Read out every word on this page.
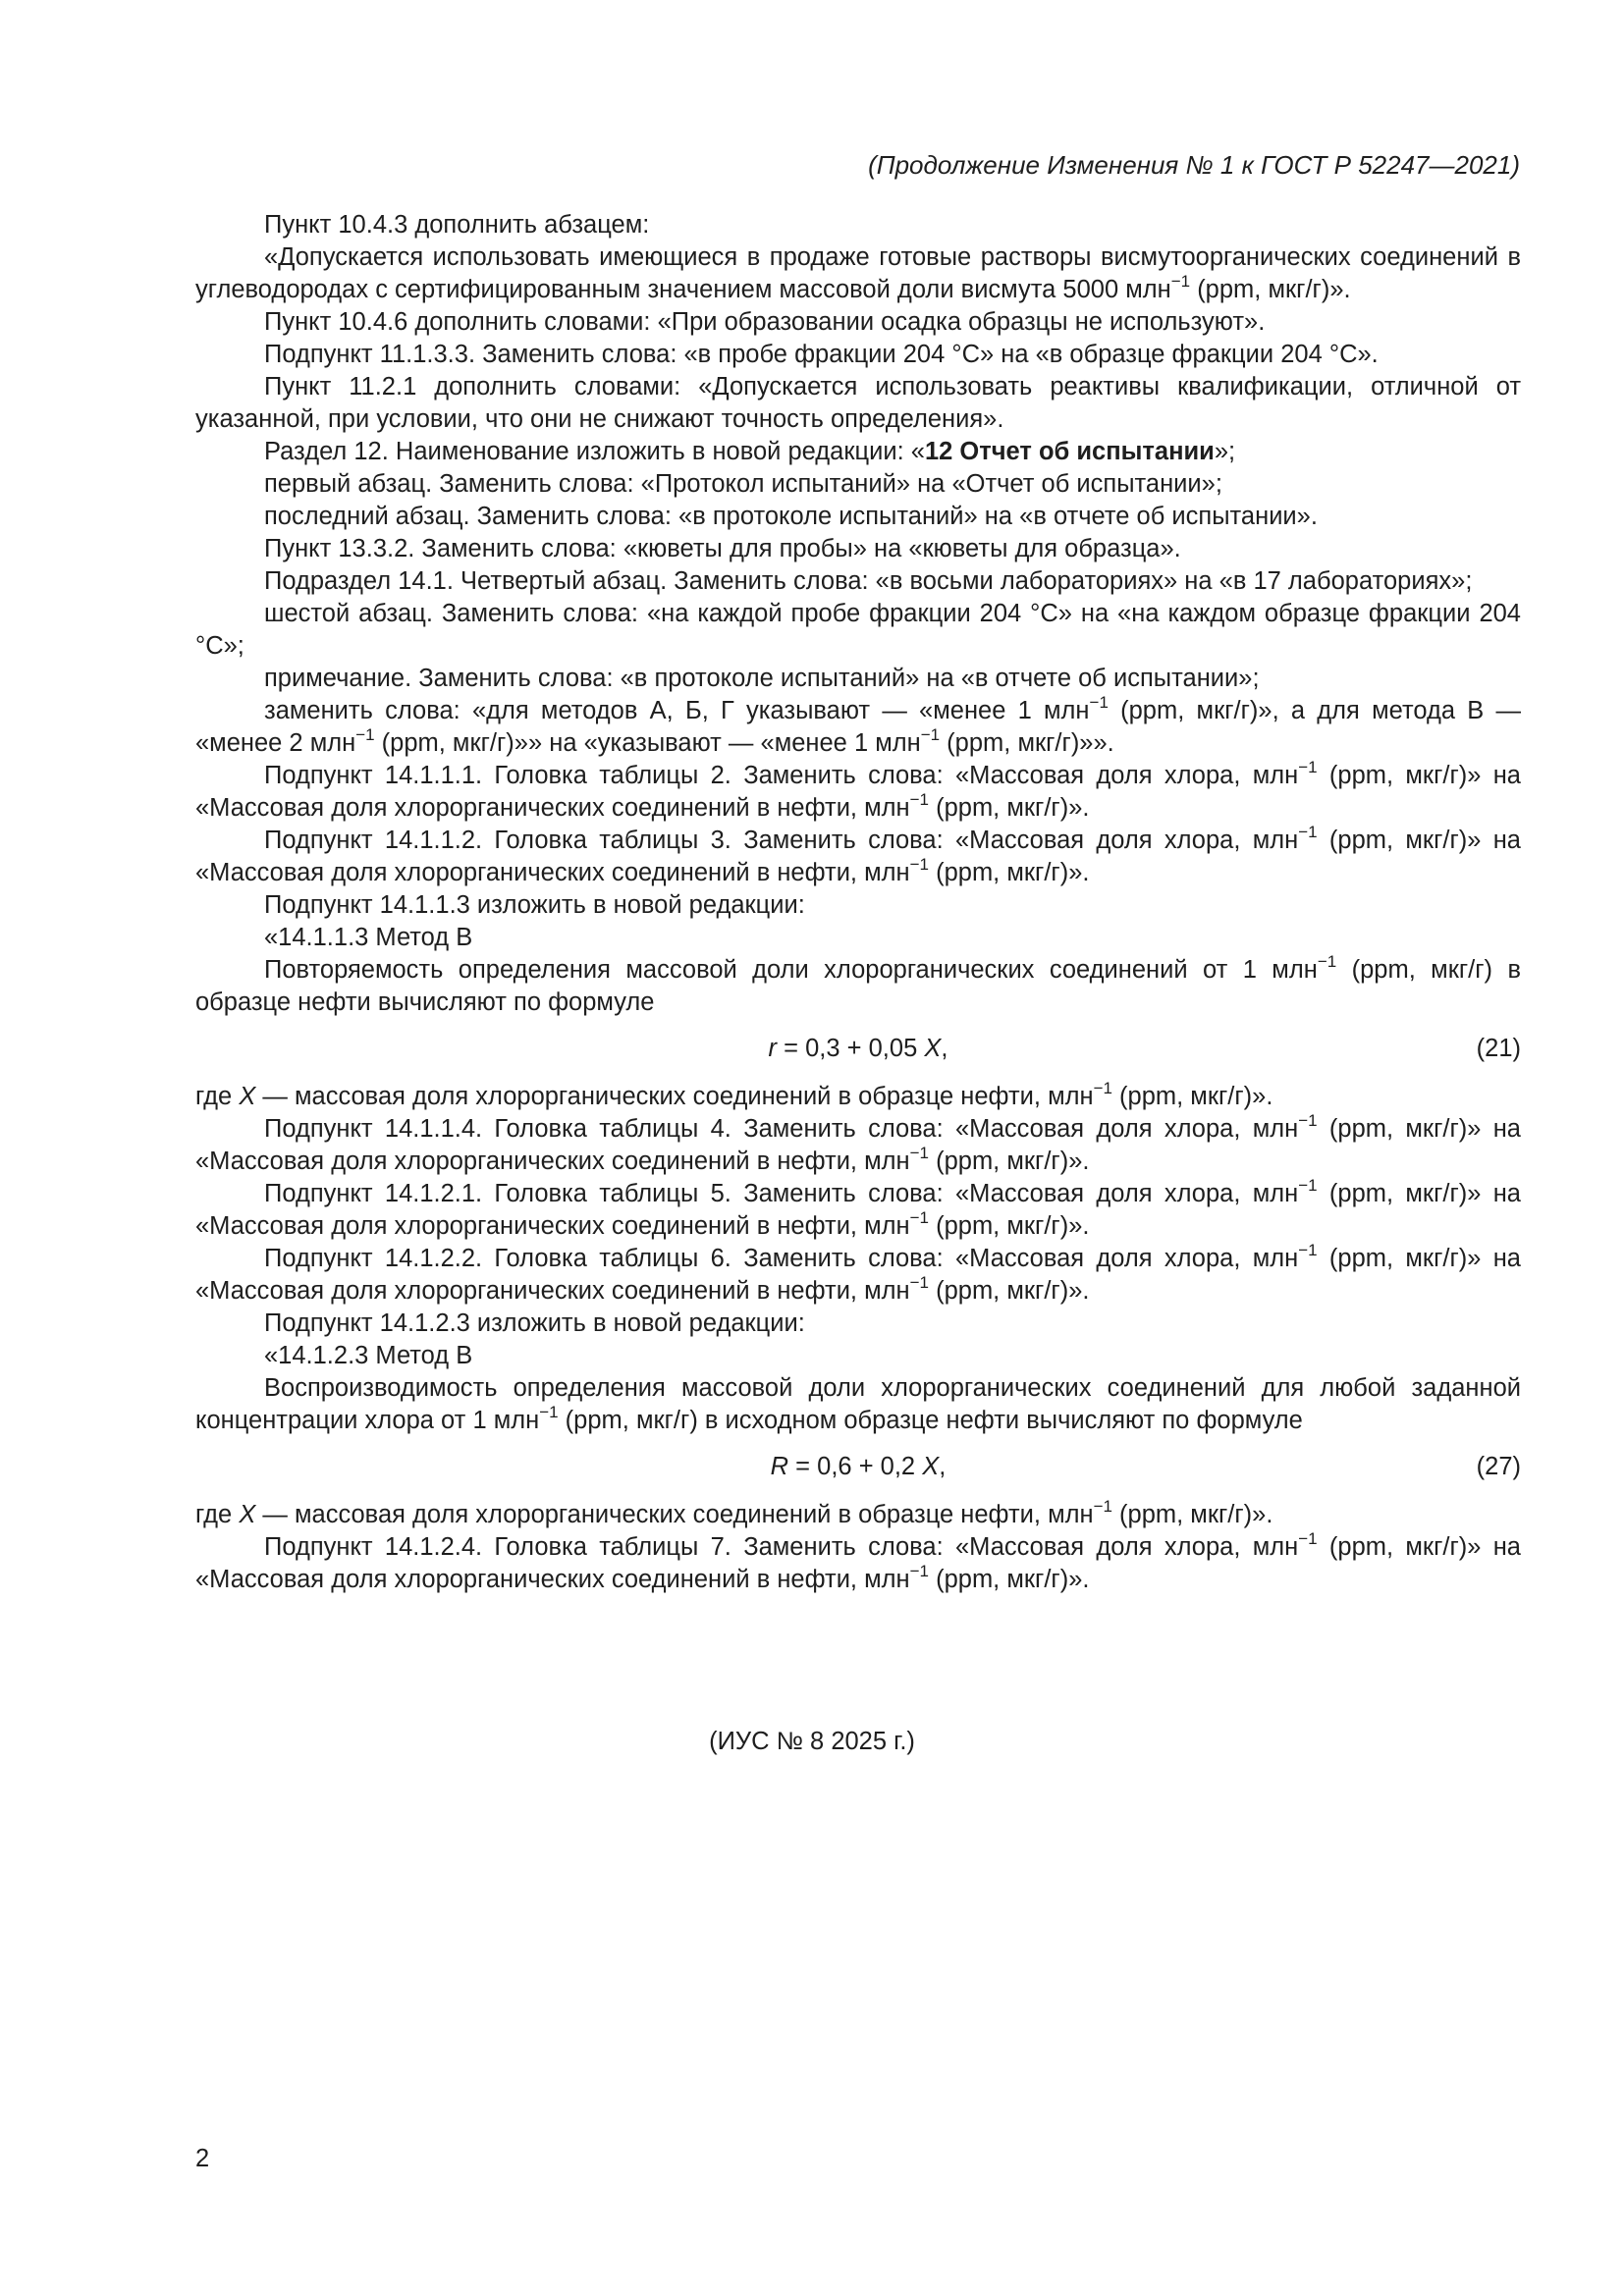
(Продолжение Изменения № 1 к ГОСТ Р 52247—2021)

Пункт 10.4.3 дополнить абзацем:

«Допускается использовать имеющиеся в продаже готовые растворы висмутоорганических соединений в углеводородах с сертифицированным значением массовой доли висмута 5000 млн$^{-1}$ (ppm, мкг/г)».

Пункт 10.4.6 дополнить словами: «При образовании осадка образцы не используют».

Подпункт 11.1.3.3. Заменить слова: «в пробе фракции 204 °С» на «в образце фракции 204 °С».

Пункт 11.2.1 дополнить словами: «Допускается использовать реактивы квалификации, отличной от указанной, при условии, что они не снижают точность определения».

Раздел 12. Наименование изложить в новой редакции: «12 Отчет об испытании»;

первый абзац. Заменить слова: «Протокол испытаний» на «Отчет об испытании»;

последний абзац. Заменить слова: «в протоколе испытаний» на «в отчете об испытании».

Пункт 13.3.2. Заменить слова: «кюветы для пробы» на «кюветы для образца».

Подраздел 14.1. Четвертый абзац. Заменить слова: «в восьми лабораториях» на «в 17 лабораториях»;

шестой абзац. Заменить слова: «на каждой пробе фракции 204 °С» на «на каждом образце фракции 204 °С»;

примечание. Заменить слова: «в протоколе испытаний» на «в отчете об испытании»;

заменить слова: «для методов А, Б, Г указывают — «менее 1 млн$^{-1}$ (ppm, мкг/г)», а для метода В — «менее 2 млн$^{-1}$ (ppm, мкг/г)»» на «указывают — «менее 1 млн$^{-1}$ (ppm, мкг/г)»».

Подпункт 14.1.1.1. Головка таблицы 2. Заменить слова: «Массовая доля хлора, млн$^{-1}$ (ppm, мкг/г)» на «Массовая доля хлорорганических соединений в нефти, млн$^{-1}$ (ppm, мкг/г)».

Подпункт 14.1.1.2. Головка таблицы 3. Заменить слова: «Массовая доля хлора, млн$^{-1}$ (ppm, мкг/г)» на «Массовая доля хлорорганических соединений в нефти, млн$^{-1}$ (ppm, мкг/г)».

Подпункт 14.1.1.3 изложить в новой редакции:

«14.1.1.3 Метод В

Повторяемость определения массовой доли хлорорганических соединений от 1 млн$^{-1}$ (ppm, мкг/г) в образце нефти вычисляют по формуле

r = 0,3 + 0,05 X,	(21)

где X — массовая доля хлорорганических соединений в образце нефти, млн$^{-1}$ (ppm, мкг/г)».

Подпункт 14.1.1.4. Головка таблицы 4. Заменить слова: «Массовая доля хлора, млн$^{-1}$ (ppm, мкг/г)» на «Массовая доля хлорорганических соединений в нефти, млн$^{-1}$ (ppm, мкг/г)».

Подпункт 14.1.2.1. Головка таблицы 5. Заменить слова: «Массовая доля хлора, млн$^{-1}$ (ppm, мкг/г)» на «Массовая доля хлорорганических соединений в нефти, млн$^{-1}$ (ppm, мкг/г)».

Подпункт 14.1.2.2. Головка таблицы 6. Заменить слова: «Массовая доля хлора, млн$^{-1}$ (ppm, мкг/г)» на «Массовая доля хлорорганических соединений в нефти, млн$^{-1}$ (ppm, мкг/г)».

Подпункт 14.1.2.3 изложить в новой редакции:

«14.1.2.3 Метод В

Воспроизводимость определения массовой доли хлорорганических соединений для любой заданной концентрации хлора от 1 млн$^{-1}$ (ppm, мкг/г) в исходном образце нефти вычисляют по формуле

R = 0,6 + 0,2 X,	(27)

где X — массовая доля хлорорганических соединений в образце нефти, млн$^{-1}$ (ppm, мкг/г)».

Подпункт 14.1.2.4. Головка таблицы 7. Заменить слова: «Массовая доля хлора, млн$^{-1}$ (ppm, мкг/г)» на «Массовая доля хлорорганических соединений в нефти, млн$^{-1}$ (ppm, мкг/г)».

(ИУС № 8 2025 г.)
2
